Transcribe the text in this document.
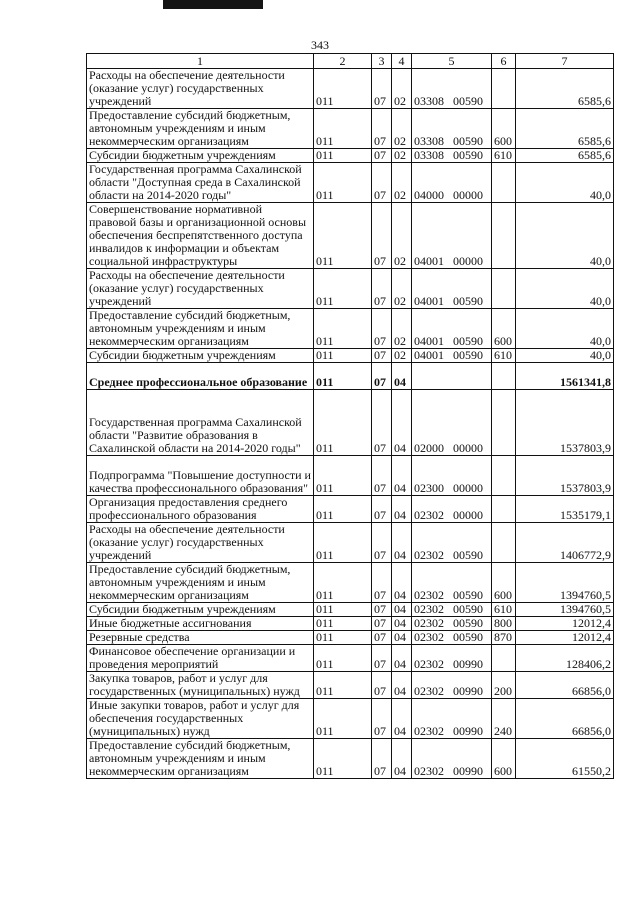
343
1	2	3	4	5	6	7
Расходы на обеспечение деятельности (оказание услуг) государственных учреждений	011	07	02	03308 00590		6585,6
Предоставление субсидий бюджетным, автономным учреждениям и иным некоммерческим организациям	011	07	02	03308 00590	600	6585,6
Субсидии бюджетным учреждениям	011	07	02	03308 00590	610	6585,6
Государственная программа Сахалинской области "Доступная среда в Сахалинской области на 2014-2020 годы"	011	07	02	04000 00000		40,0
Совершенствование нормативной правовой базы и организационной основы обеспечения беспрепятственного доступа инвалидов к информации и объектам социальной инфраструктуры	011	07	02	04001 00000		40,0
Расходы на обеспечение деятельности (оказание услуг) государственных учреждений	011	07	02	04001 00590		40,0
Предоставление субсидий бюджетным, автономным учреждениям и иным некоммерческим организациям	011	07	02	04001 00590	600	40,0
Субсидии бюджетным учреждениям	011	07	02	04001 00590	610	40,0
Среднее профессиональное образование	011	07	04			1561341,8
Государственная программа Сахалинской области "Развитие образования в Сахалинской области на 2014-2020 годы"	011	07	04	02000 00000		1537803,9
Подпрограмма "Повышение доступности и качества профессионального образования"	011	07	04	02300 00000		1537803,9
Организация предоставления среднего профессионального образования	011	07	04	02302 00000		1535179,1
Расходы на обеспечение деятельности (оказание услуг) государственных учреждений	011	07	04	02302 00590		1406772,9
Предоставление субсидий бюджетным, автономным учреждениям и иным некоммерческим организациям	011	07	04	02302 00590	600	1394760,5
Субсидии бюджетным учреждениям	011	07	04	02302 00590	610	1394760,5
Иные бюджетные ассигнования	011	07	04	02302 00590	800	12012,4
Резервные средства	011	07	04	02302 00590	870	12012,4
Финансовое обеспечение организации и проведения мероприятий	011	07	04	02302 00990		128406,2
Закупка товаров, работ и услуг для государственных (муниципальных) нужд	011	07	04	02302 00990	200	66856,0
Иные закупки товаров, работ и услуг для обеспечения государственных (муниципальных) нужд	011	07	04	02302 00990	240	66856,0
Предоставление субсидий бюджетным, автономным учреждениям и иным некоммерческим организациям	011	07	04	02302 00990	600	61550,2
